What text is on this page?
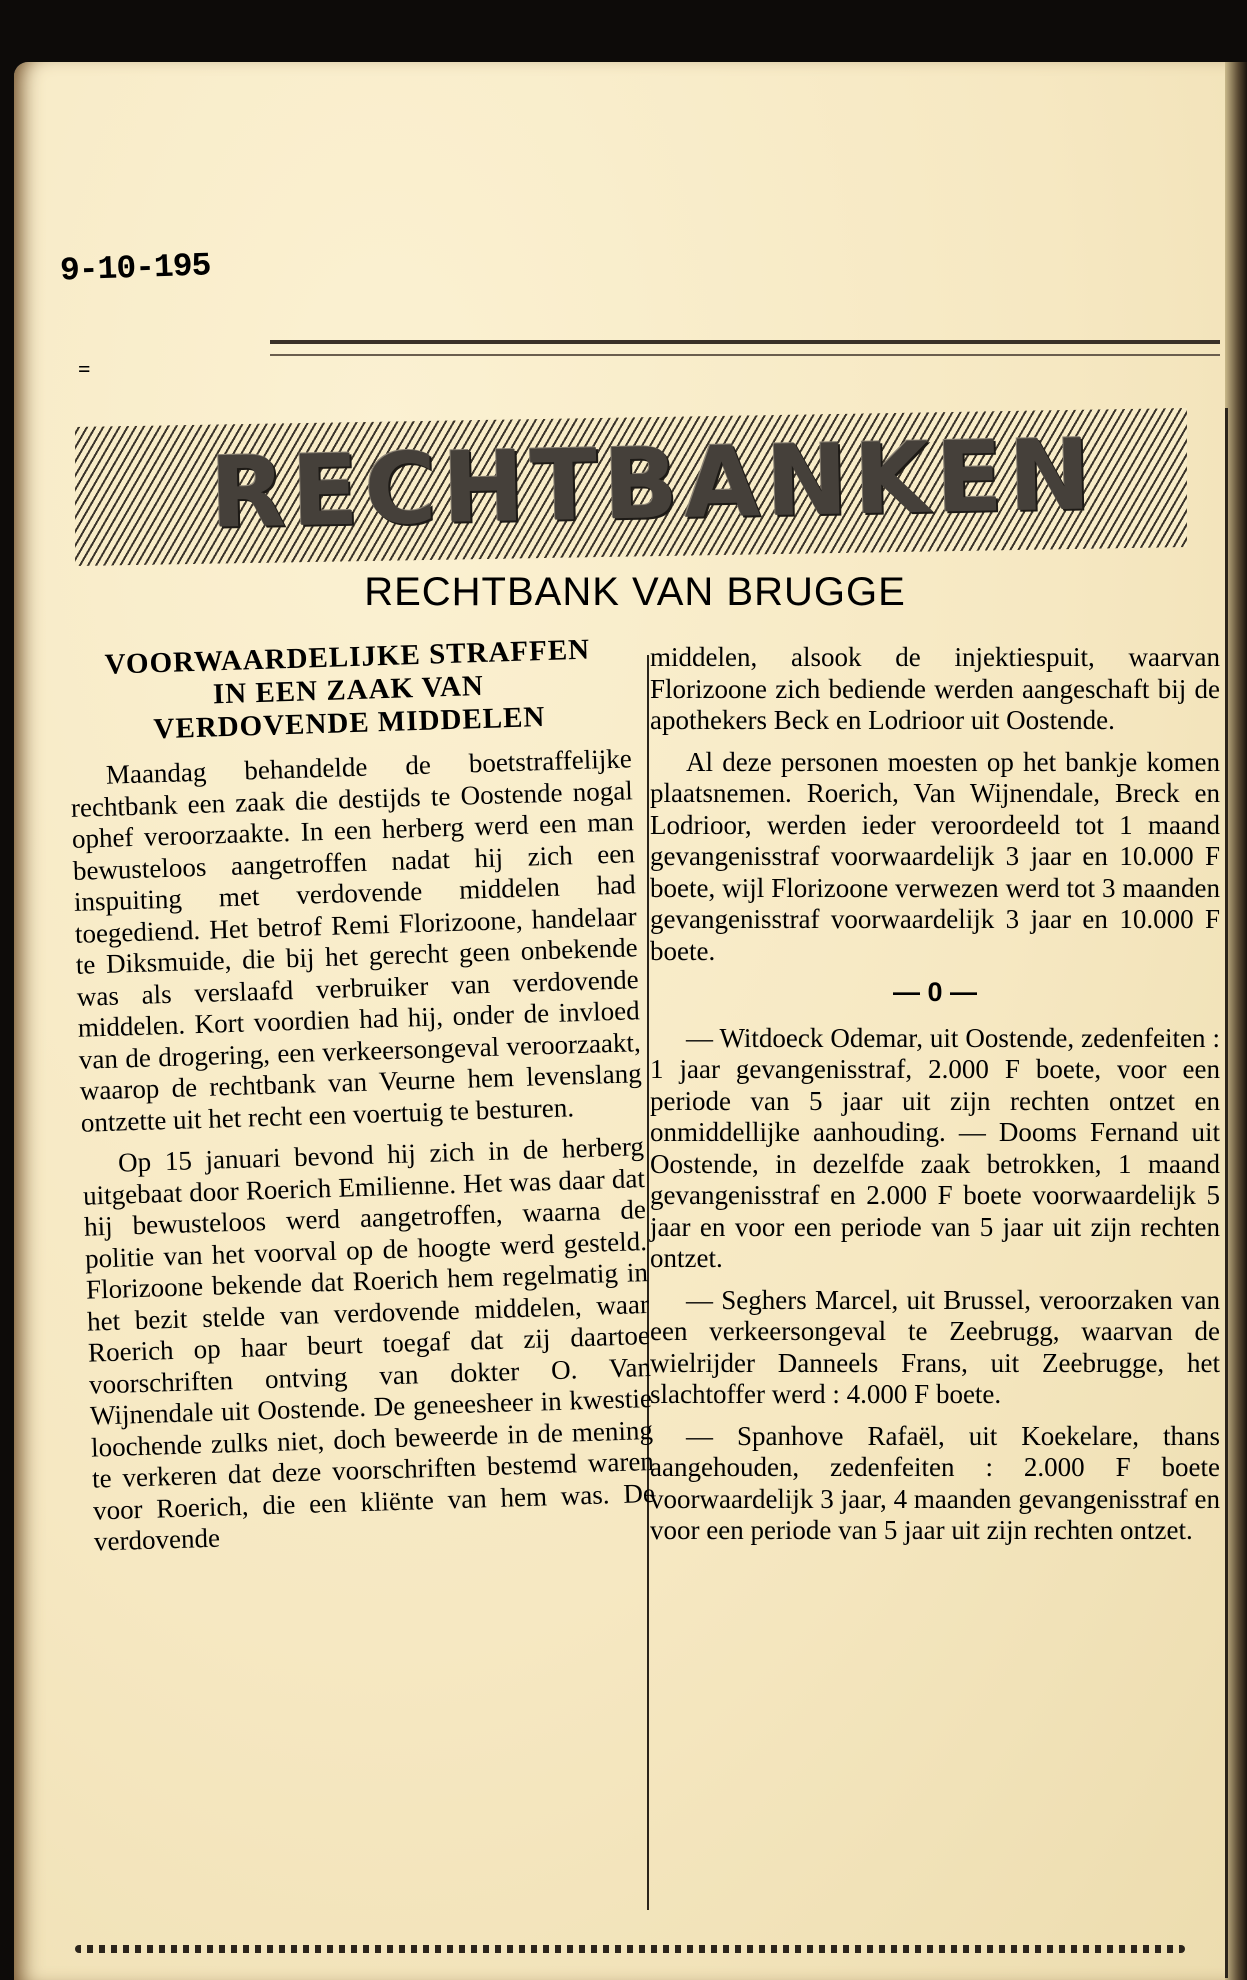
9-10-195‌
=
RECHTBANKEN
RECHTBANK VAN BRUGGE
VOORWAARDELIJKE STRAFFEN
IN EEN ZAAK VAN
VERDOVENDE MIDDELEN

Maandag behandelde de boetstraffelijke rechtbank een zaak die destijds te Oostende nogal ophef veroorzaakte. In een herberg werd een man bewusteloos aangetroffen nadat hij zich een inspuiting met verdovende middelen had toegediend. Het betrof Remi Florizoone, handelaar te Diksmuide, die bij het gerecht geen onbekende was als verslaafd verbruiker van verdovende middelen. Kort voordien had hij, onder de invloed van de drogering, een verkeersongeval veroorzaakt, waarop de rechtbank van Veurne hem levenslang ontzette uit het recht een voertuig te besturen.

Op 15 januari bevond hij zich in de herberg uitgebaat door Roerich Emilienne. Het was daar dat hij bewusteloos werd aangetroffen, waarna de politie van het voorval op de hoogte werd gesteld. Florizoone bekende dat Roerich hem regelmatig in het bezit stelde van verdovende middelen, waar Roerich op haar beurt toegaf dat zij daartoe voorschriften ontving van dokter O. Van Wijnendale uit Oostende. De geneesheer in kwestie loochende zulks niet, doch beweerde in de mening te verkeren dat deze voorschriften bestemd waren voor Roerich, die een kliënte van hem was. De verdovende

middelen, alsook de injektiespuit, waarvan Florizoone zich bediende werden aangeschaft bij de apothekers Beck en Lodrioor uit Oostende.

Al deze personen moesten op het bankje komen plaatsnemen. Roerich, Van Wijnendale, Breck en Lodrioor, werden ieder veroordeeld tot 1 maand gevangenisstraf voorwaardelijk 3 jaar en 10.000 F boete, wijl Florizoone verwezen werd tot 3 maanden gevangenisstraf voorwaardelijk 3 jaar en 10.000 F boete.

— 0 —

— Witdoeck Odemar, uit Oostende, zedenfeiten : 1 jaar gevangenisstraf, 2.000 F boete, voor een periode van 5 jaar uit zijn rechten ontzet en onmiddellijke aanhouding. — Dooms Fernand uit Oostende, in dezelfde zaak betrokken, 1 maand gevangenisstraf en 2.000 F boete voorwaardelijk 5 jaar en voor een periode van 5 jaar uit zijn rechten ontzet.

— Seghers Marcel, uit Brussel, veroorzaken van een verkeersongeval te Zeebrugg, waarvan de wielrijder Danneels Frans, uit Zeebrugge, het slachtoffer werd : 4.000 F boete.

— Spanhove Rafaël, uit Koekelare, thans aangehouden, zedenfeiten : 2.000 F boete voorwaardelijk 3 jaar, 4 maanden gevangenisstraf en voor een periode van 5 jaar uit zijn rechten ontzet.
